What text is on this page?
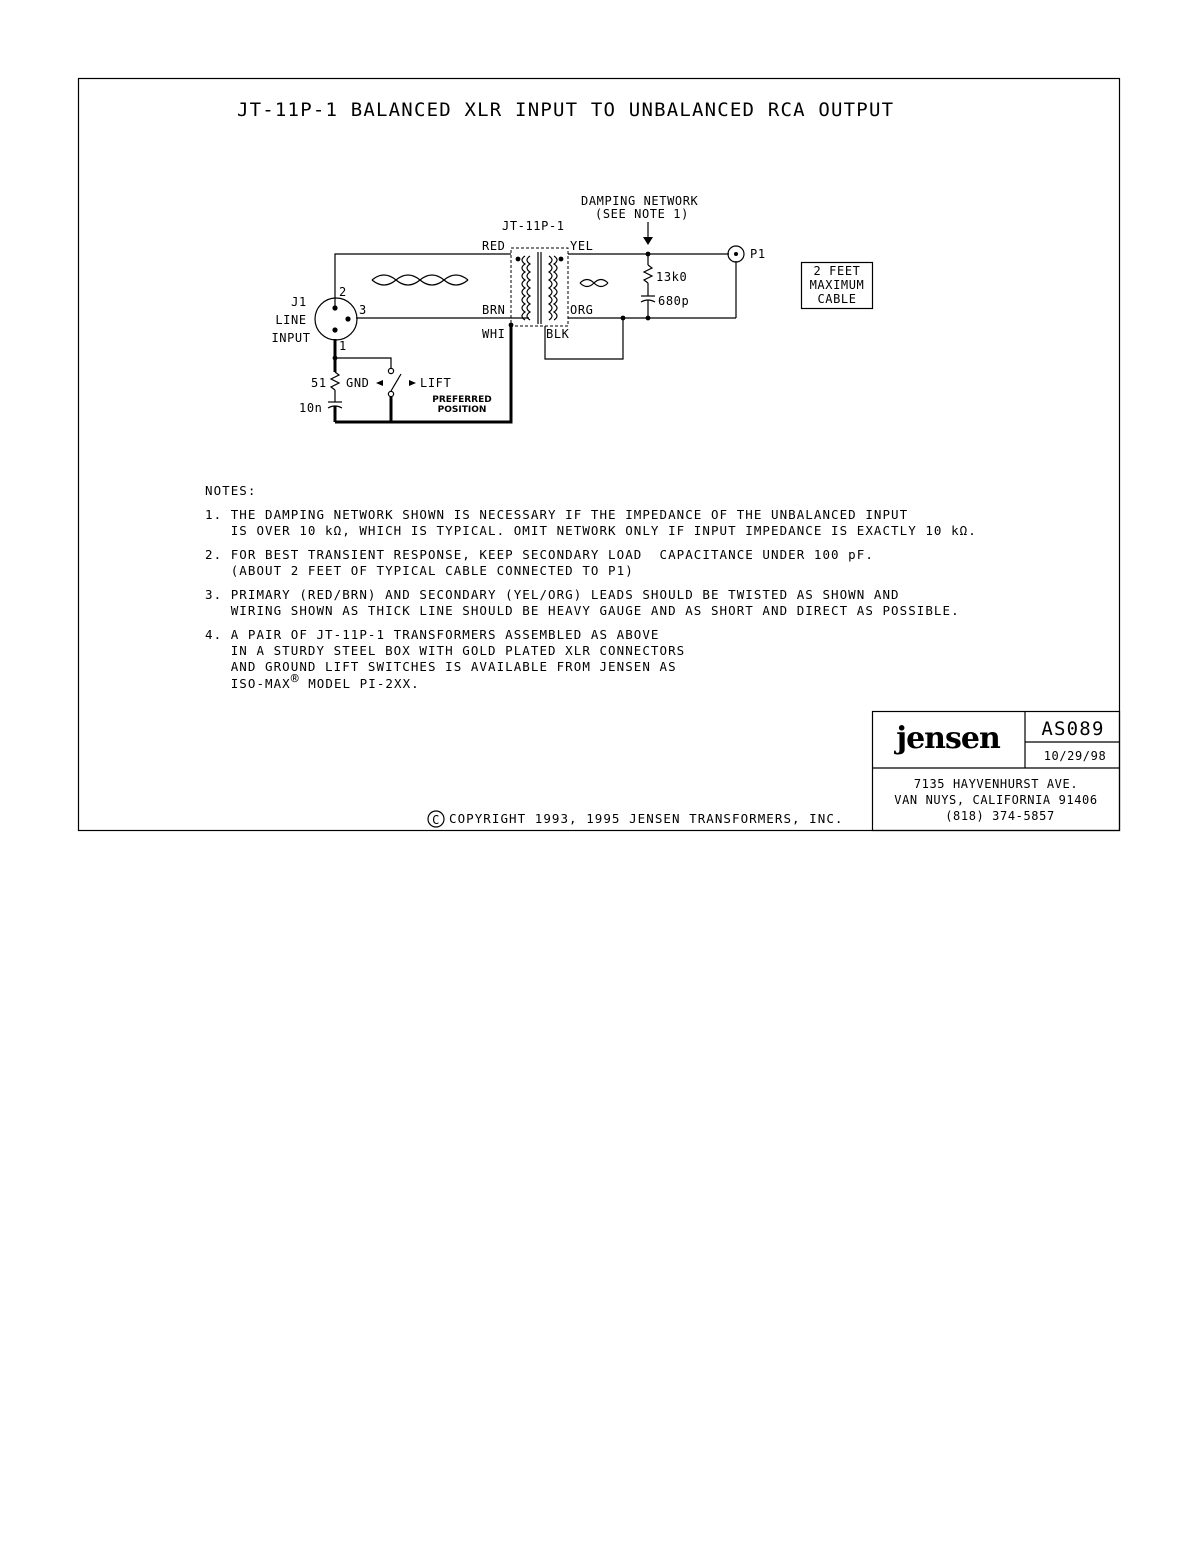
JT-11P-1 BALANCED XLR INPUT TO UNBALANCED RCA OUTPUT
DAMPING NETWORK
(SEE NOTE 1)
JT-11P-1
RED	YEL
BRN	ORG
WHI	BLK
13k0
680p
P1
2 FEET
MAXIMUM
CABLE
2
3
1
J1
LINE
INPUT
51
10n
GND	LIFT
PREFERRED
POSITION
NOTES:
1. THE DAMPING NETWORK SHOWN IS NECESSARY IF THE IMPEDANCE OF THE UNBALANCED INPUT
IS OVER 10 kΩ, WHICH IS TYPICAL. OMIT NETWORK ONLY IF INPUT IMPEDANCE IS EXACTLY 10 kΩ.
2. FOR BEST TRANSIENT RESPONSE, KEEP SECONDARY LOAD  CAPACITANCE UNDER 100 pF.
(ABOUT 2 FEET OF TYPICAL CABLE CONNECTED TO P1)
3. PRIMARY (RED/BRN) AND SECONDARY (YEL/ORG) LEADS SHOULD BE TWISTED AS SHOWN AND
WIRING SHOWN AS THICK LINE SHOULD BE HEAVY GAUGE AND AS SHORT AND DIRECT AS POSSIBLE.
4. A PAIR OF JT-11P-1 TRANSFORMERS ASSEMBLED AS ABOVE
IN A STURDY STEEL BOX WITH GOLD PLATED XLR CONNECTORS
AND GROUND LIFT SWITCHES IS AVAILABLE FROM JENSEN AS
ISO-MAX® MODEL PI-2XX.
C COPYRIGHT 1993, 1995 JENSEN TRANSFORMERS, INC.
jensen AS089
10/29/98
7135 HAYVENHURST AVE.
VAN NUYS, CALIFORNIA 91406
(818) 374-5857
